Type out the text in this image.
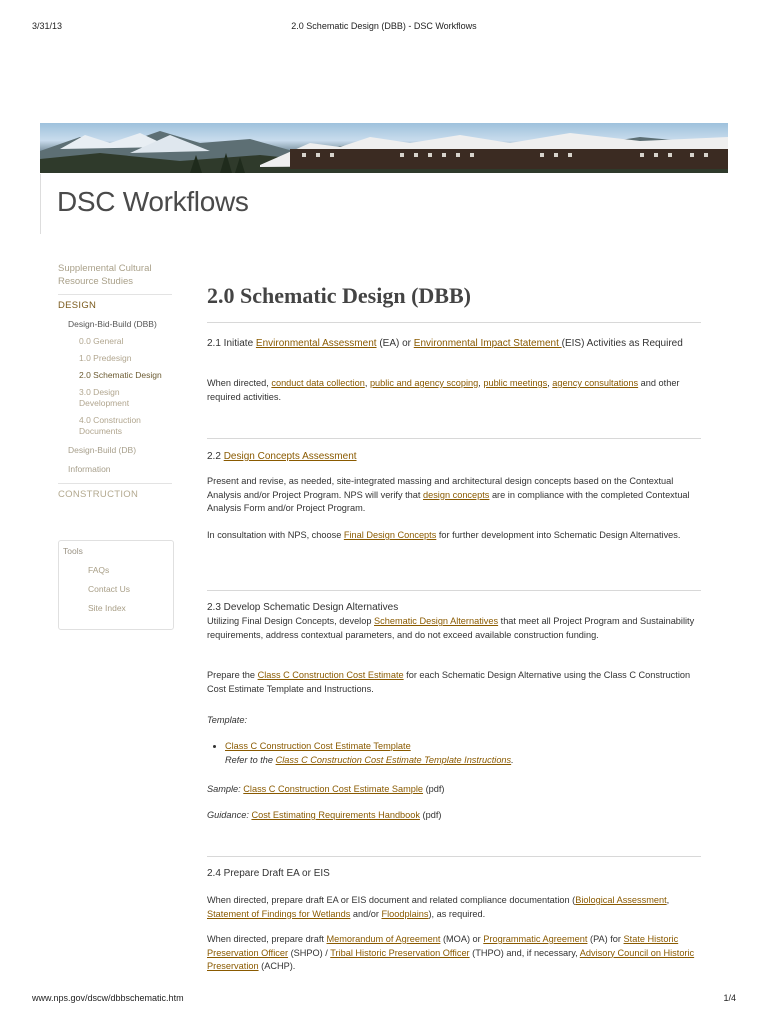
3/31/13	2.0 Schematic Design (DBB) - DSC Workflows
DSC Workflows
Supplemental Cultural Resource Studies
DESIGN
Design-Bid-Build (DBB)
0.0 General
1.0 Predesign
2.0 Schematic Design
3.0 Design Development
4.0 Construction Documents
Design-Build (DB)
Information
CONSTRUCTION
Tools
FAQs
Contact Us
Site Index
2.0 Schematic Design (DBB)
2.1 Initiate Environmental Assessment (EA) or Environmental Impact Statement (EIS) Activities as Required
When directed, conduct data collection, public and agency scoping, public meetings, agency consultations and other required activities.
2.2 Design Concepts Assessment
Present and revise, as needed, site-integrated massing and architectural design concepts based on the Contextual Analysis and/or Project Program. NPS will verify that design concepts are in compliance with the completed Contextual Analysis Form and/or Project Program.
In consultation with NPS, choose Final Design Concepts for further development into Schematic Design Alternatives.
2.3 Develop Schematic Design Alternatives
Utilizing Final Design Concepts, develop Schematic Design Alternatives that meet all Project Program and Sustainability requirements, address contextual parameters, and do not exceed available construction funding.
Prepare the Class C Construction Cost Estimate for each Schematic Design Alternative using the Class C Construction Cost Estimate Template and Instructions.
Template:
• Class C Construction Cost Estimate Template
Refer to the Class C Construction Cost Estimate Template Instructions.
Sample: Class C Construction Cost Estimate Sample (pdf)
Guidance: Cost Estimating Requirements Handbook (pdf)
2.4 Prepare Draft EA or EIS
When directed, prepare draft EA or EIS document and related compliance documentation (Biological Assessment, Statement of Findings for Wetlands and/or Floodplains), as required.
When directed, prepare draft Memorandum of Agreement (MOA) or Programmatic Agreement (PA) for State Historic Preservation Officer (SHPO) / Tribal Historic Preservation Officer (THPO) and, if necessary, Advisory Council on Historic Preservation (ACHP).
www.nps.gov/dscw/dbbschematic.htm	1/4
